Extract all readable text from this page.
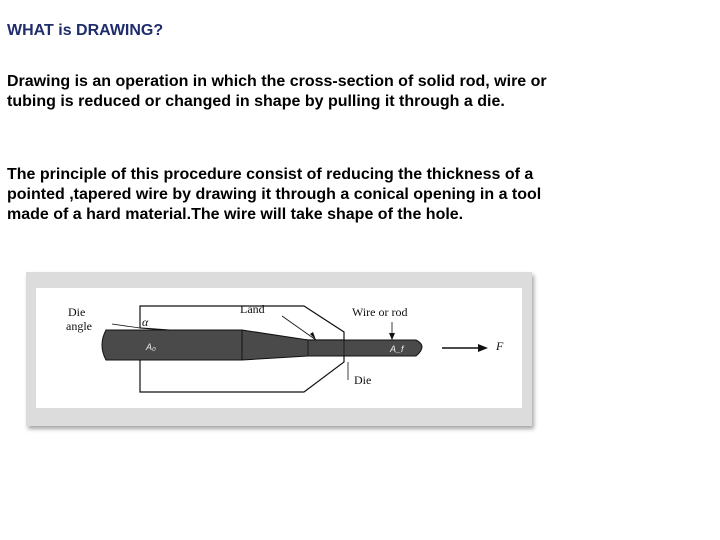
WHAT is DRAWING?

Drawing is an operation in which the cross-section of solid rod, wire or tubing is reduced or changed in shape by pulling it through a die.

The principle of this procedure consist of reducing the thickness of a pointed ,tapered wire by drawing it through a conical opening in a tool made of a hard material.The wire will take shape of the hole.

Die
angle	α
Land	Wire or rod
Die
A₀	A_f	F
